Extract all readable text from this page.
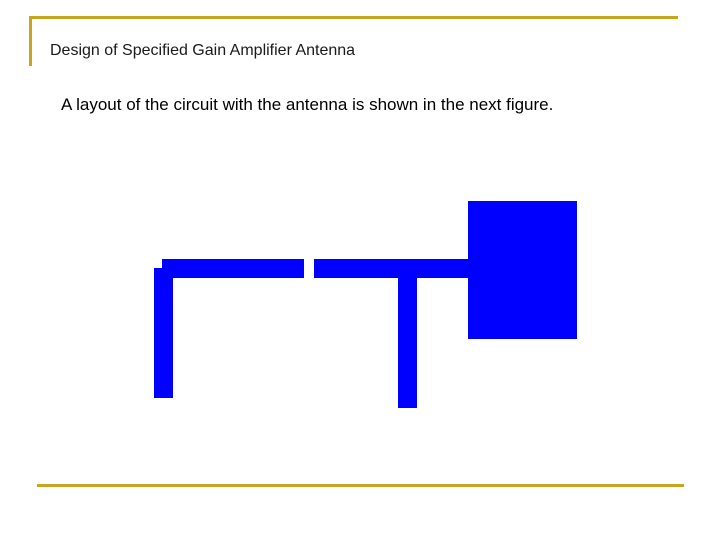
Design of Specified Gain Amplifier Antenna
A layout of the circuit with the antenna is shown in the next figure.
